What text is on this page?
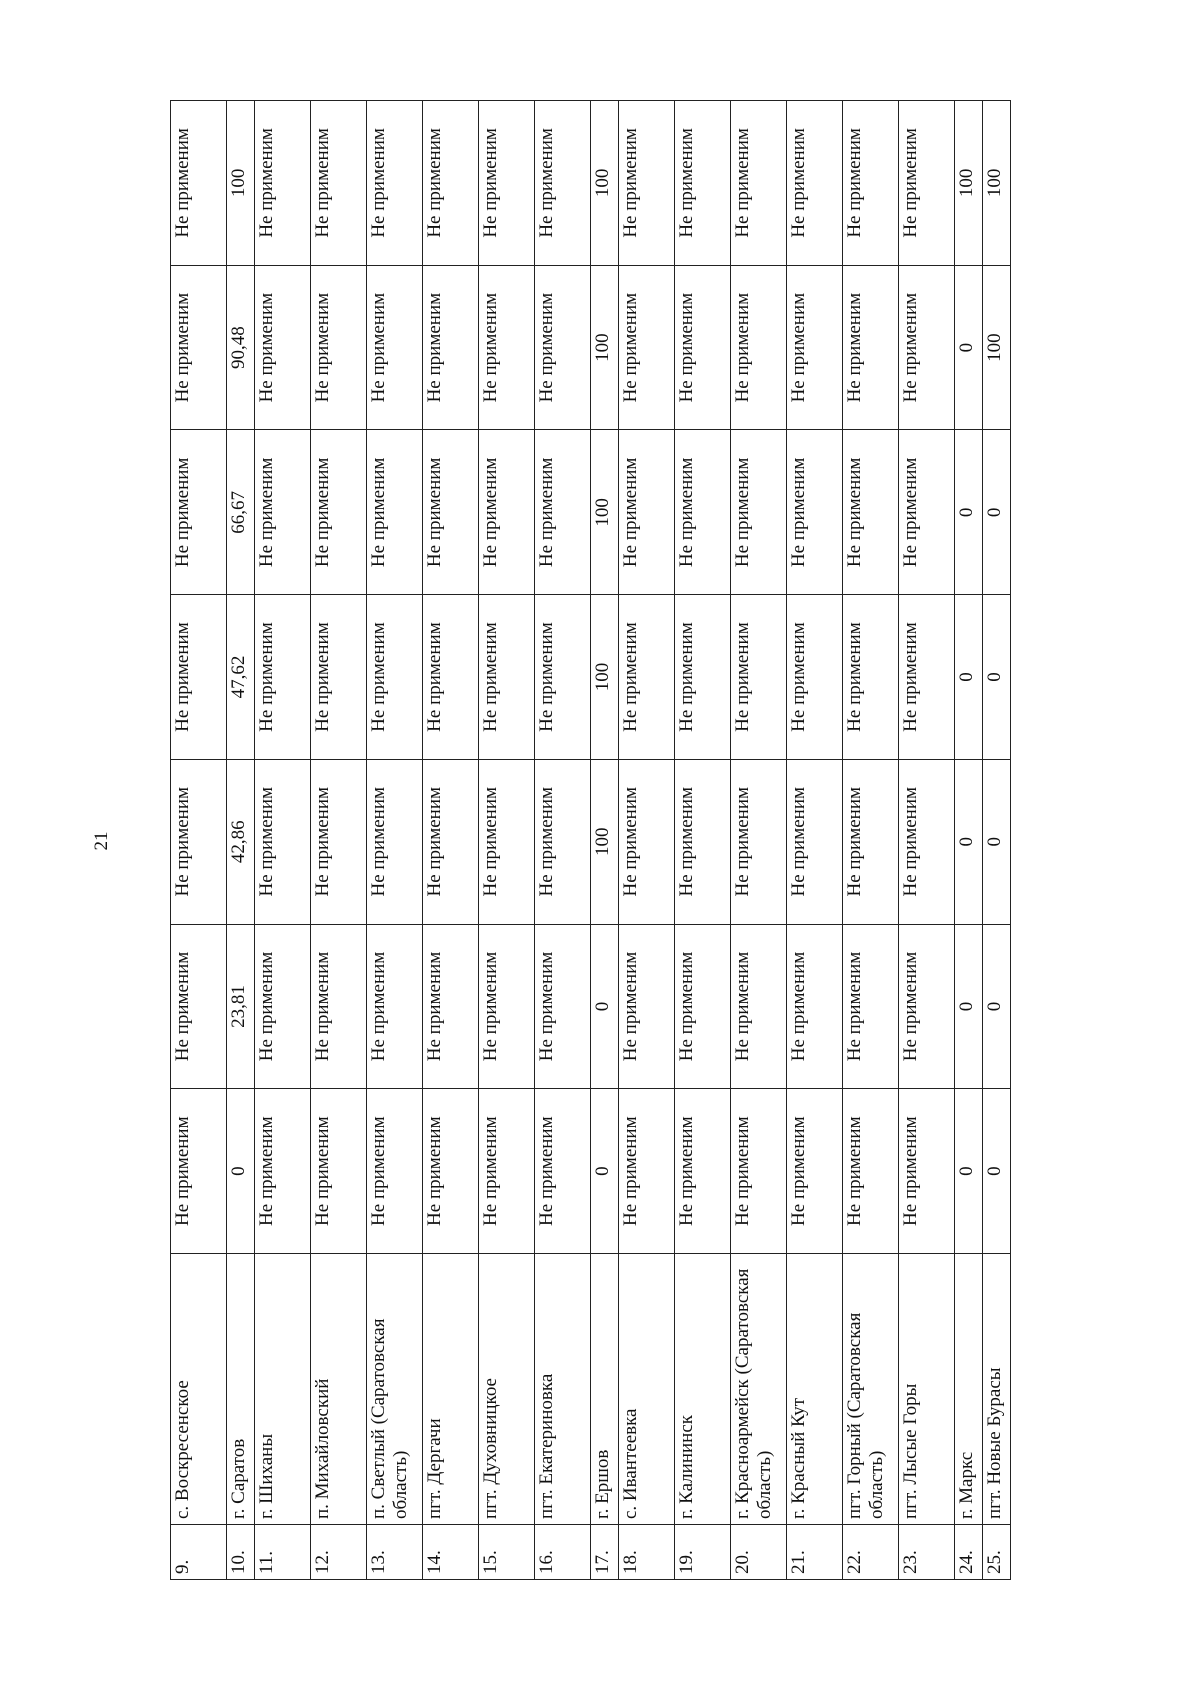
21
9.	с. Воскресенское	Не применим	Не применим	Не применим	Не применим	Не применим	Не применим	Не применим
10.	г. Саратов	0	23,81	42,86	47,62	66,67	90,48	100
11.	г. Шиханы	Не применим	Не применим	Не применим	Не применим	Не применим	Не применим	Не применим
12.	п. Михайловский	Не применим	Не применим	Не применим	Не применим	Не применим	Не применим	Не применим
13.	п. Светлый (Саратовская область)	Не применим	Не применим	Не применим	Не применим	Не применим	Не применим	Не применим
14.	пгт. Дергачи	Не применим	Не применим	Не применим	Не применим	Не применим	Не применим	Не применим
15.	пгт. Духовницкое	Не применим	Не применим	Не применим	Не применим	Не применим	Не применим	Не применим
16.	пгт. Екатериновка	Не применим	Не применим	Не применим	Не применим	Не применим	Не применим	Не применим
17.	г. Ершов	0	0	100	100	100	100	100
18.	с. Ивантеевка	Не применим	Не применим	Не применим	Не применим	Не применим	Не применим	Не применим
19.	г. Калининск	Не применим	Не применим	Не применим	Не применим	Не применим	Не применим	Не применим
20.	г. Красноармейск (Саратовская область)	Не применим	Не применим	Не применим	Не применим	Не применим	Не применим	Не применим
21.	г. Красный Кут	Не применим	Не применим	Не применим	Не применим	Не применим	Не применим	Не применим
22.	пгт. Горный (Саратовская область)	Не применим	Не применим	Не применим	Не применим	Не применим	Не применим	Не применим
23.	пгт. Лысые Горы	Не применим	Не применим	Не применим	Не применим	Не применим	Не применим	Не применим
24.	г. Маркс	0	0	0	0	0	0	100
25.	пгт. Новые Бурасы	0	0	0	0	0	100	100
